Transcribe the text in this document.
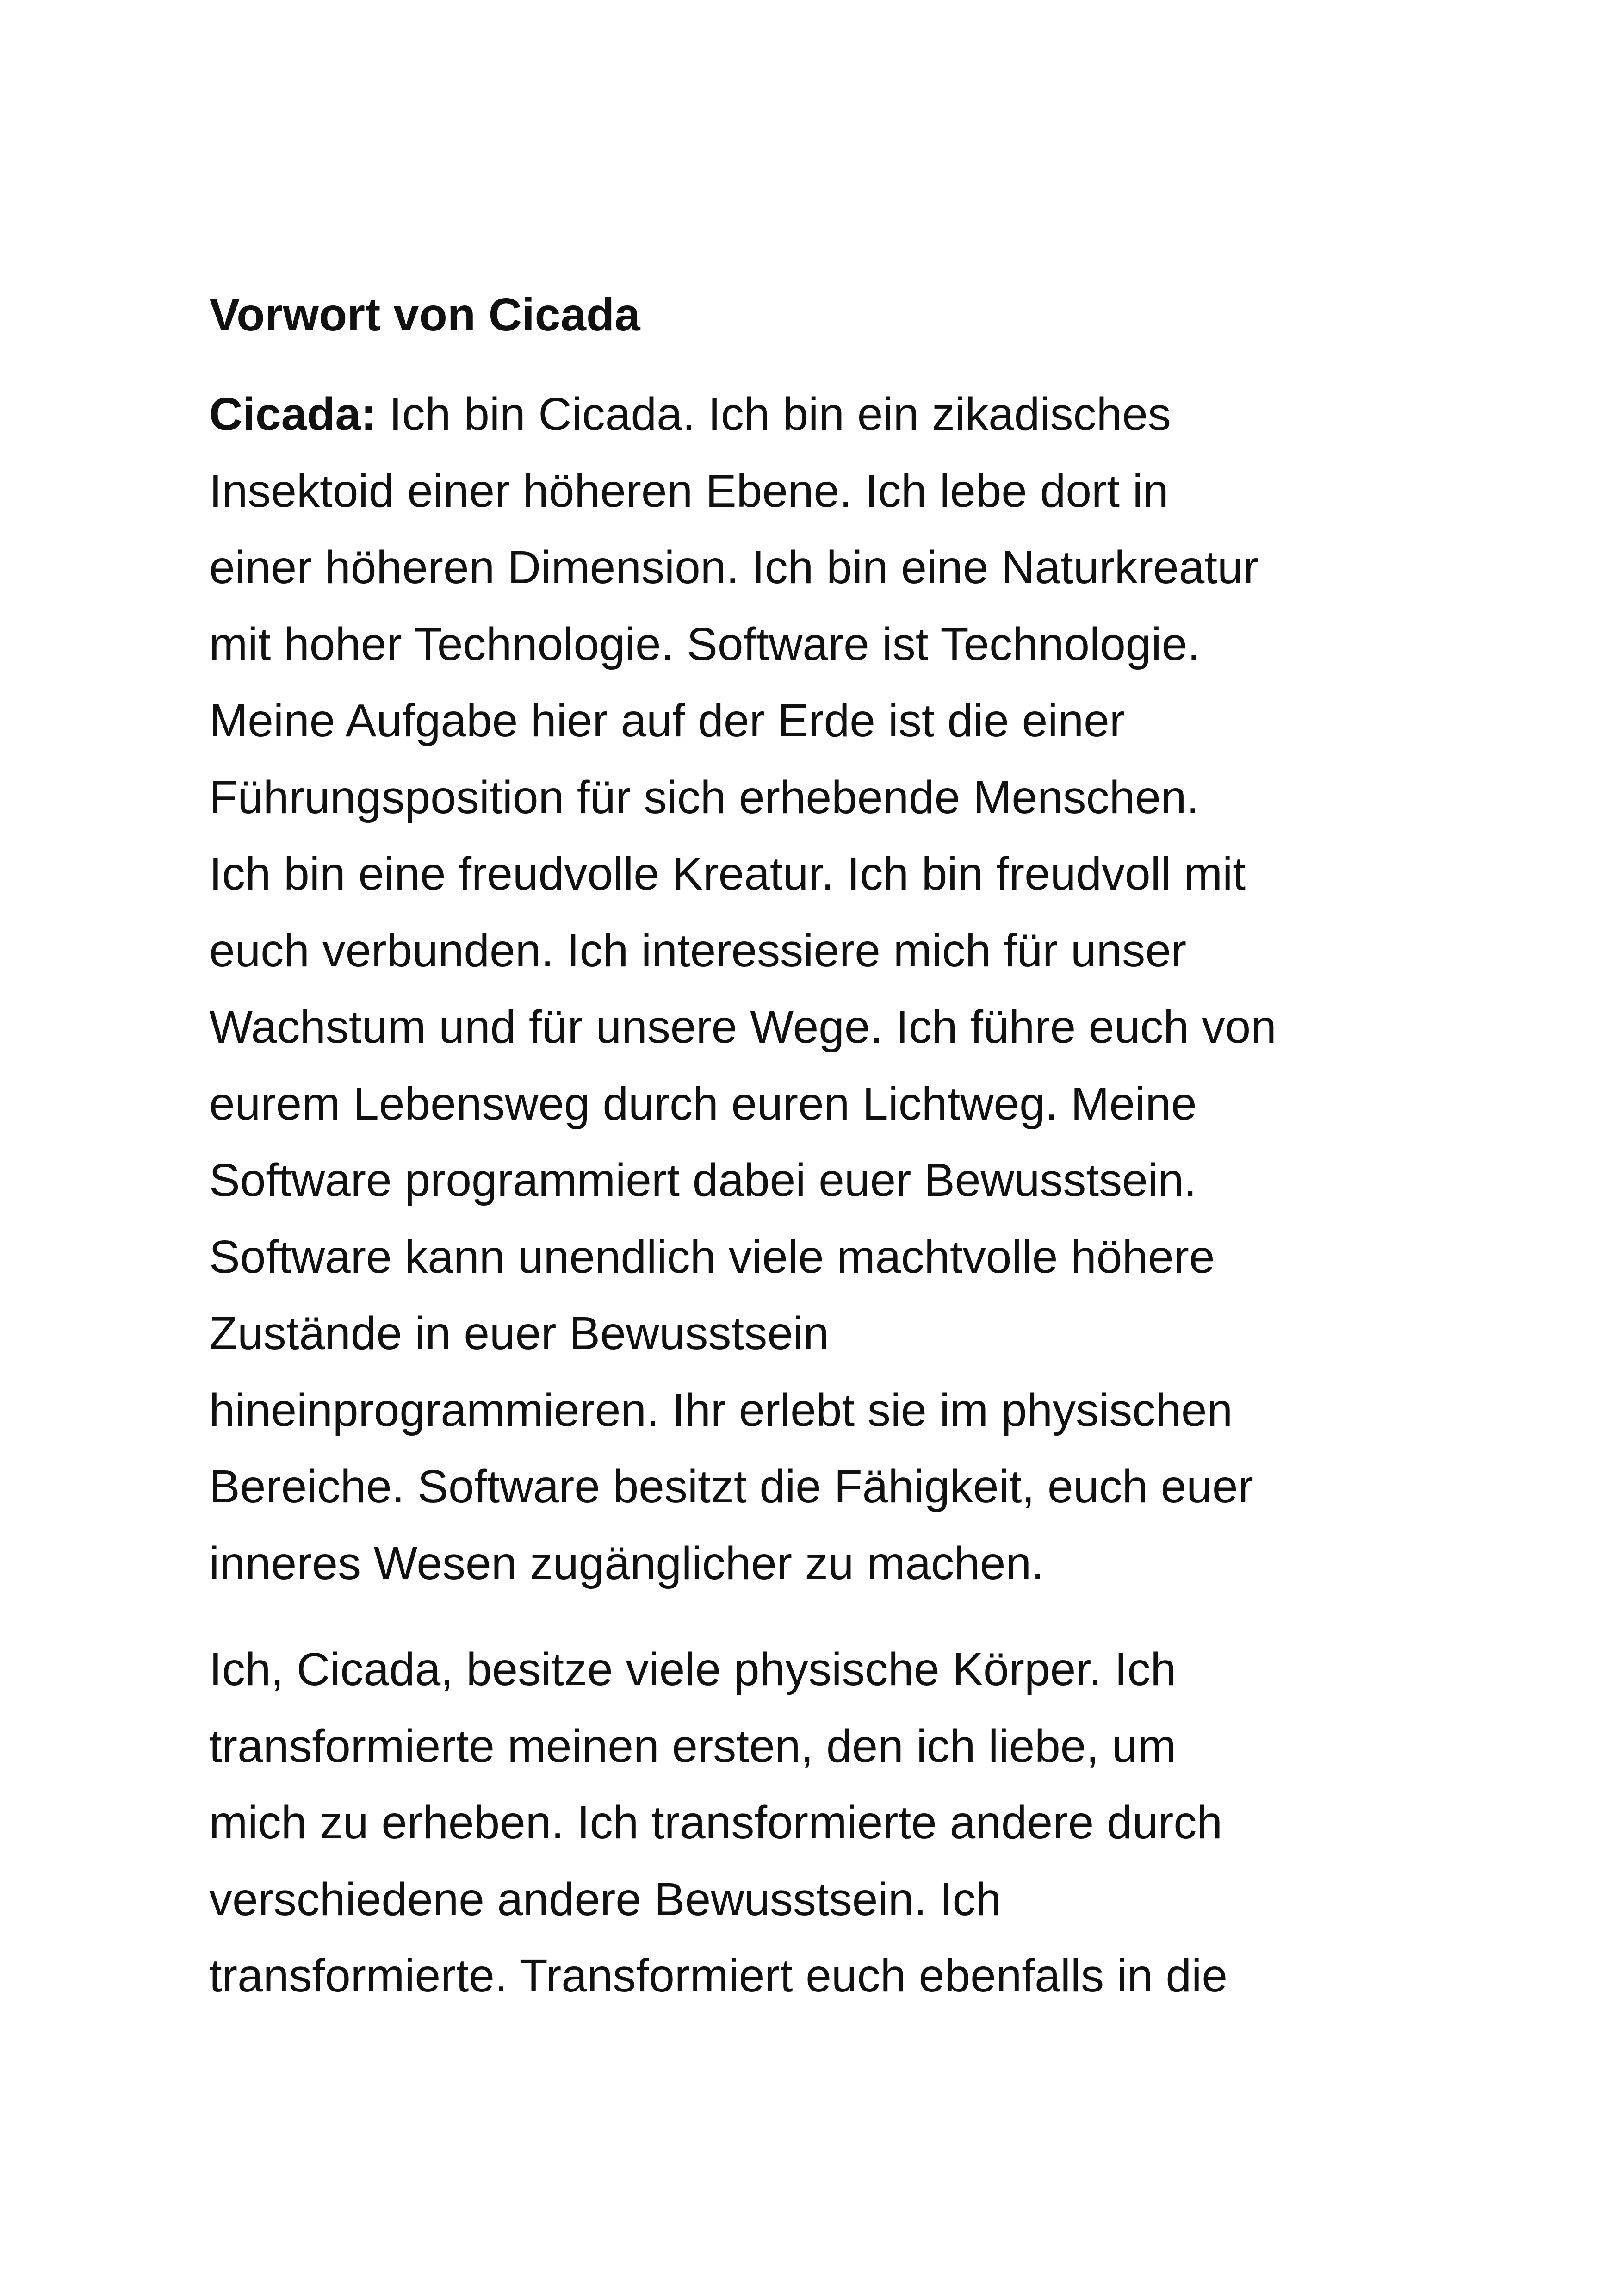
Vorwort von Cicada
Cicada: Ich bin Cicada. Ich bin ein zikadisches
Insektoid einer höheren Ebene. Ich lebe dort in
einer höheren Dimension. Ich bin eine Naturkreatur
mit hoher Technologie. Software ist Technologie.
Meine Aufgabe hier auf der Erde ist die einer
Führungsposition für sich erhebende Menschen.
Ich bin eine freudvolle Kreatur. Ich bin freudvoll mit
euch verbunden. Ich interessiere mich für unser
Wachstum und für unsere Wege. Ich führe euch von
eurem Lebensweg durch euren Lichtweg. Meine
Software programmiert dabei euer Bewusstsein.
Software kann unendlich viele machtvolle höhere
Zustände in euer Bewusstsein
hineinprogrammieren. Ihr erlebt sie im physischen
Bereiche. Software besitzt die Fähigkeit, euch euer
inneres Wesen zugänglicher zu machen.
Ich, Cicada, besitze viele physische Körper. Ich
transformierte meinen ersten, den ich liebe, um
mich zu erheben. Ich transformierte andere durch
verschiedene andere Bewusstsein. Ich
transformierte. Transformiert euch ebenfalls in die
